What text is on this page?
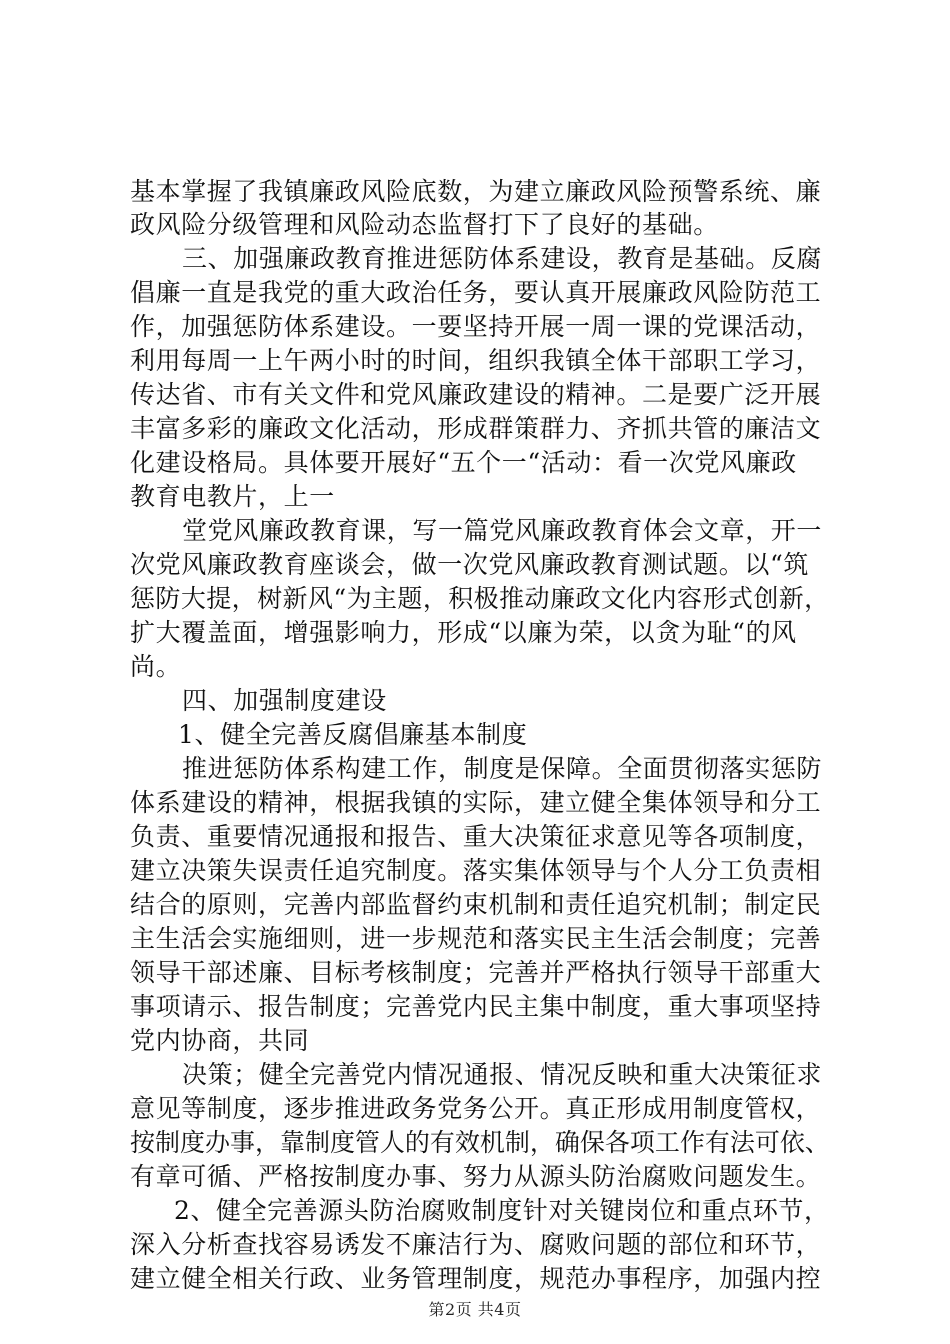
基本掌握了我镇廉政风险底数，为建立廉政风险预警系统、廉
政风险分级管理和风险动态监督打下了良好的基础。
三、加强廉政教育推进惩防体系建设，教育是基础。反腐
倡廉一直是我党的重大政治任务，要认真开展廉政风险防范工
作，加强惩防体系建设。一要坚持开展一周一课的党课活动，
利用每周一上午两小时的时间，组织我镇全体干部职工学习，
传达省、市有关文件和党风廉政建设的精神。二是要广泛开展
丰富多彩的廉政文化活动，形成群策群力、齐抓共管的廉洁文
化建设格局。具体要开展好“五个一“活动：看一次党风廉政
教育电教片，上一
堂党风廉政教育课，写一篇党风廉政教育体会文章，开一
次党风廉政教育座谈会，做一次党风廉政教育测试题。以“筑
惩防大提，树新风“为主题，积极推动廉政文化内容形式创新，
扩大覆盖面，增强影响力，形成“以廉为荣，以贪为耻“的风
尚。
四、加强制度建设
1、健全完善反腐倡廉基本制度
推进惩防体系构建工作，制度是保障。全面贯彻落实惩防
体系建设的精神，根据我镇的实际，建立健全集体领导和分工
负责、重要情况通报和报告、重大决策征求意见等各项制度，
建立决策失误责任追究制度。落实集体领导与个人分工负责相
结合的原则，完善内部监督约束机制和责任追究机制；制定民
主生活会实施细则，进一步规范和落实民主生活会制度；完善
领导干部述廉、目标考核制度；完善并严格执行领导干部重大
事项请示、报告制度；完善党内民主集中制度，重大事项坚持
党内协商，共同
决策；健全完善党内情况通报、情况反映和重大决策征求
意见等制度，逐步推进政务党务公开。真正形成用制度管权，
按制度办事，靠制度管人的有效机制，确保各项工作有法可依、
有章可循、严格按制度办事、努力从源头防治腐败问题发生。
2、健全完善源头防治腐败制度针对关键岗位和重点环节，
深入分析查找容易诱发不廉洁行为、腐败问题的部位和环节，
建立健全相关行政、业务管理制度，规范办事程序，加强内控
第2页 共4页
